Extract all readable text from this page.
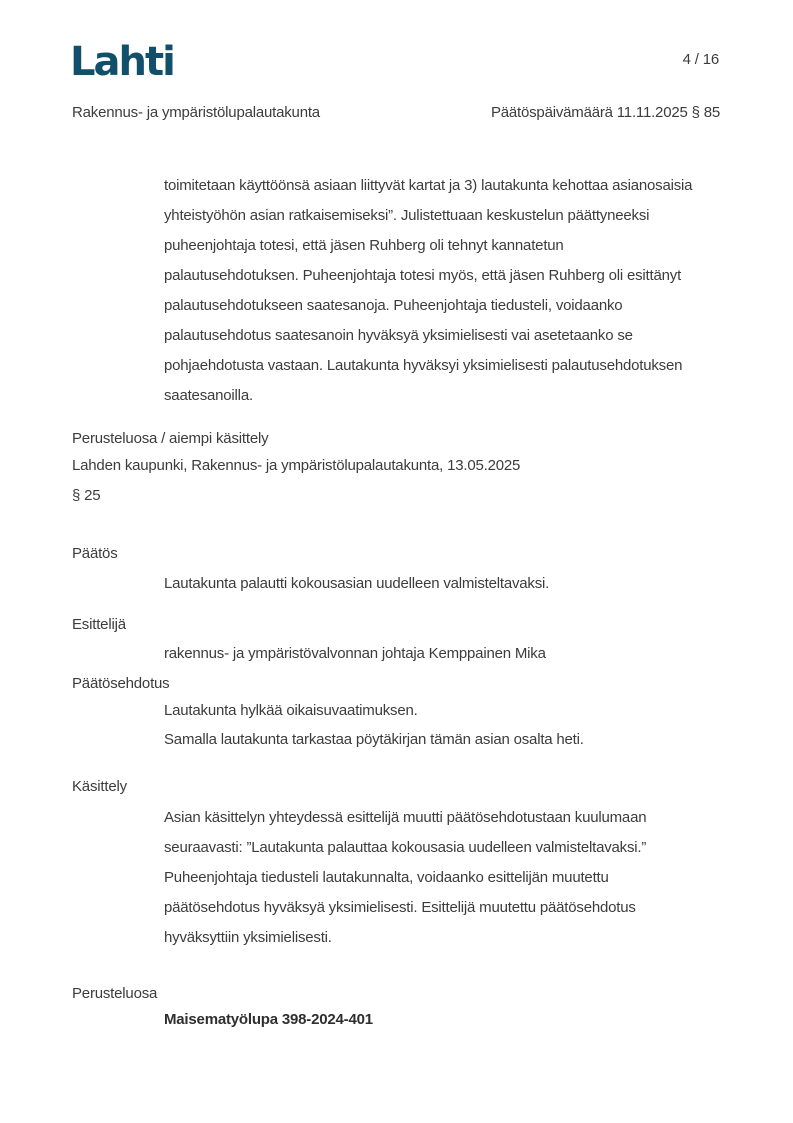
Lahti	4 / 16
Rakennus- ja ympäristölupalautakunta	Päätöspäivämäärä 11.11.2025 § 85
toimitetaan käyttöönsä asiaan liittyvät kartat ja 3) lautakunta kehottaa asianosaisia
yhteistyöhön asian ratkaisemiseksi”. Julistettuaan keskustelun päättyneeksi
puheenjohtaja totesi, että jäsen Ruhberg oli tehnyt kannatetun
palautusehdotuksen. Puheenjohtaja totesi myös, että jäsen Ruhberg oli esittänyt
palautusehdotukseen saatesanoja. Puheenjohtaja tiedusteli, voidaanko
palautusehdotus saatesanoin hyväksyä yksimielisesti vai asetetaanko se
pohjaehdotusta vastaan. Lautakunta hyväksyi yksimielisesti palautusehdotuksen
saatesanoilla.
Perusteluosa / aiempi käsittely
Lahden kaupunki, Rakennus- ja ympäristölupalautakunta, 13.05.2025
§ 25
Päätös
Lautakunta palautti kokousasian uudelleen valmisteltavaksi.
Esittelijä
rakennus- ja ympäristövalvonnan johtaja Kemppainen Mika
Päätösehdotus
Lautakunta hylkää oikaisuvaatimuksen.
Samalla lautakunta tarkastaa pöytäkirjan tämän asian osalta heti.
Käsittely
Asian käsittelyn yhteydessä esittelijä muutti päätösehdotustaan kuulumaan
seuraavasti: ”Lautakunta palauttaa kokousasia uudelleen valmisteltavaksi.”
Puheenjohtaja tiedusteli lautakunnalta, voidaanko esittelijän muutettu
päätösehdotus hyväksyä yksimielisesti. Esittelijä muutettu päätösehdotus
hyväksyttiin yksimielisesti.
Perusteluosa
Maisematyölupa 398-2024-401
